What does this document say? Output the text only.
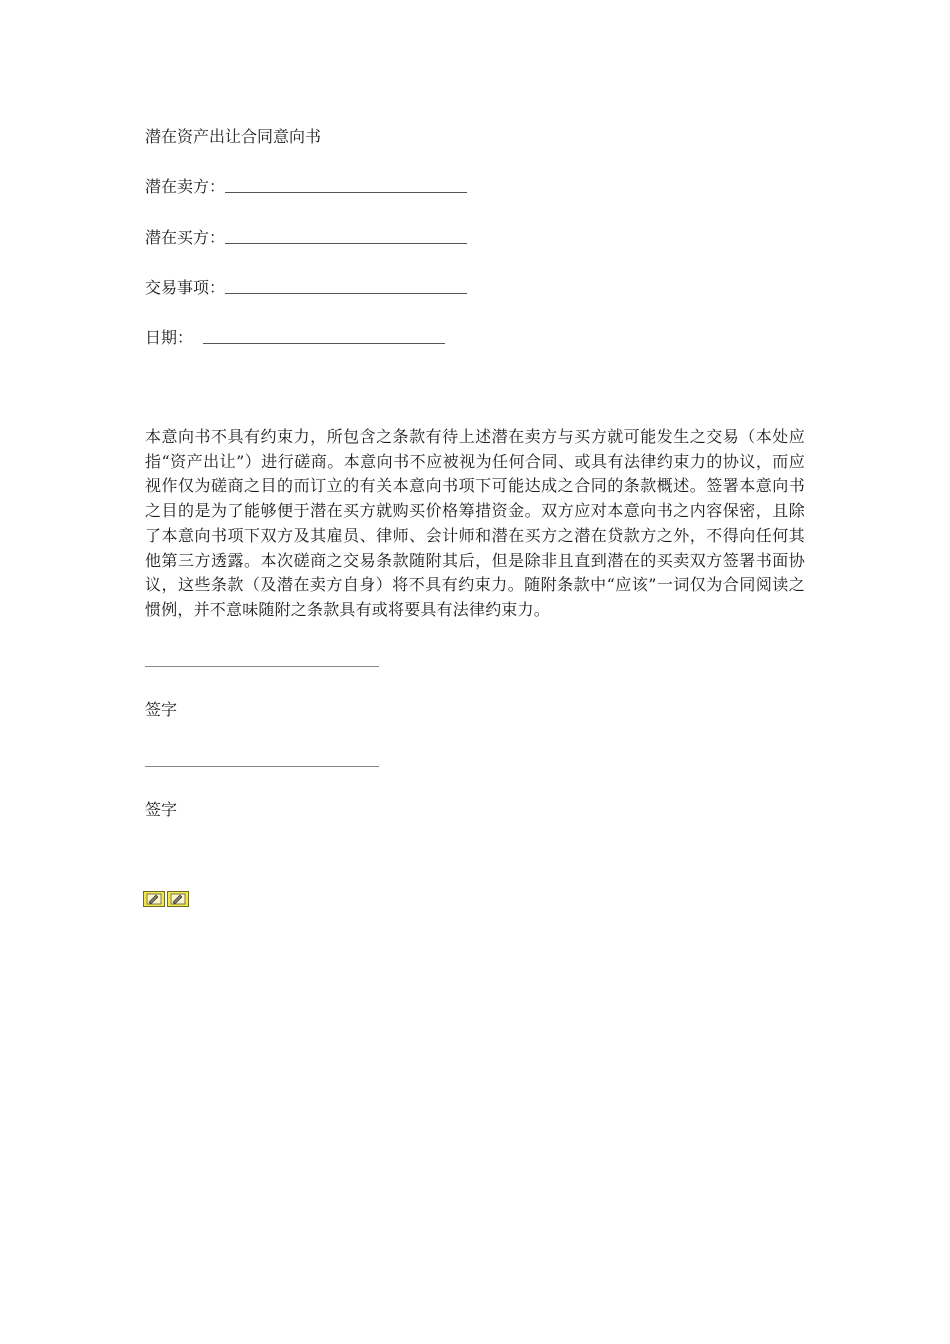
潜在资产出让合同意向书
潜在卖方：
潜在买方：
交易事项：
日期：
本意向书不具有约束力，所包含之条款有待上述潜在卖方与买方就可能发生之交易（本处应指“资产出让”）进行磋商。本意向书不应被视为任何合同、或具有法律约束力的协议，而应视作仅为磋商之目的而订立的有关本意向书项下可能达成之合同的条款概述。签署本意向书之目的是为了能够便于潜在买方就购买价格筹措资金。双方应对本意向书之内容保密，且除了本意向书项下双方及其雇员、律师、会计师和潜在买方之潜在贷款方之外，不得向任何其他第三方透露。本次磋商之交易条款随附其后，但是除非且直到潜在的买卖双方签署书面协议，这些条款（及潜在卖方自身）将不具有约束力。随附条款中“应该”一词仅为合同阅读之惯例，并不意味随附之条款具有或将要具有法律约束力。
签字
签字
